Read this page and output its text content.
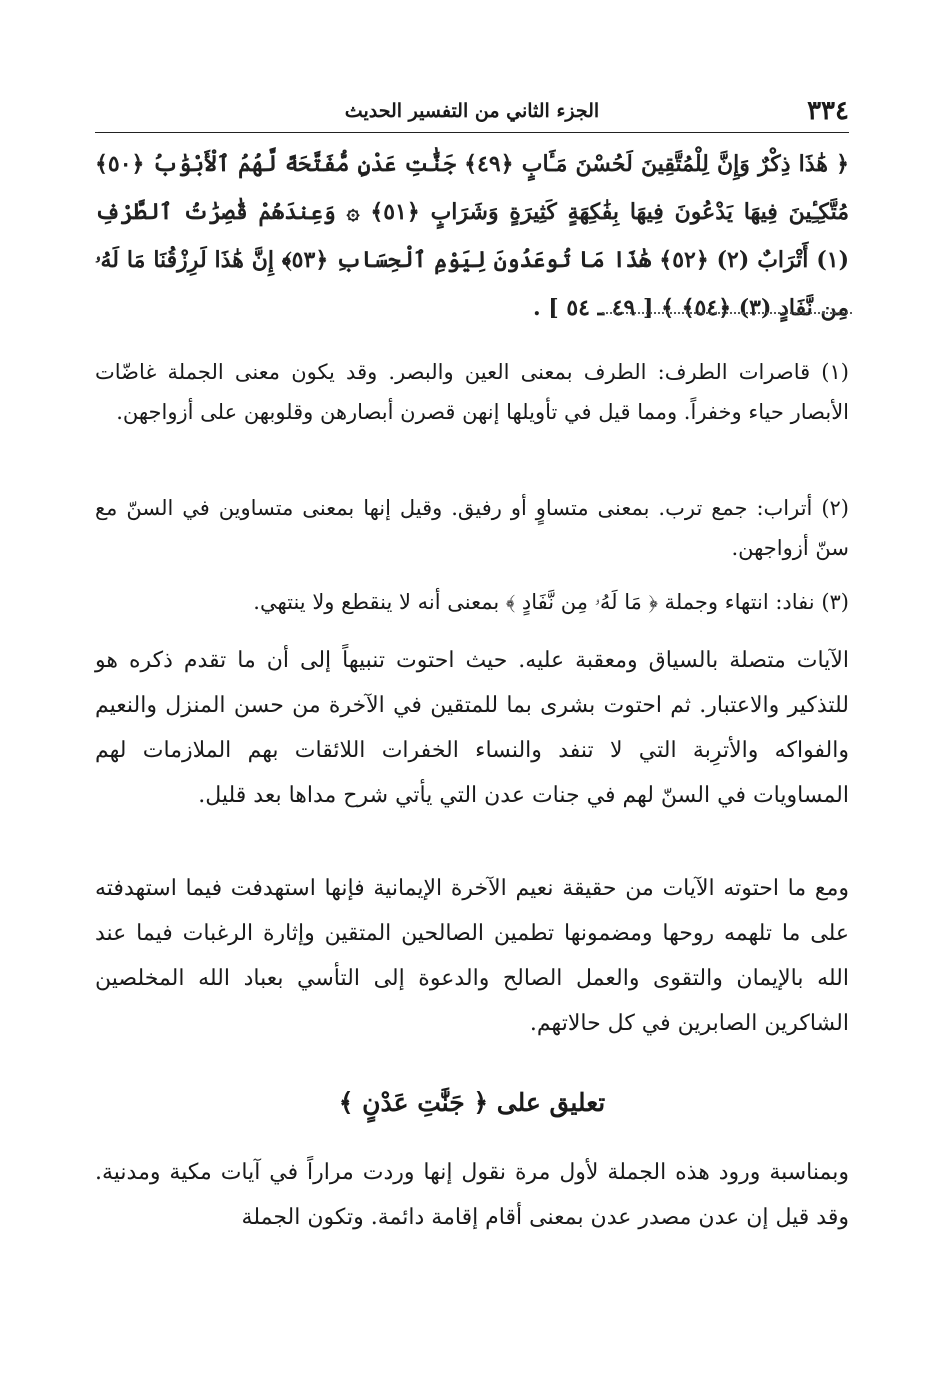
٣٣٤
الجزء الثاني من التفسير الحديث

﴿ هَٰذَا ذِكْرٌ وَإِنَّ لِلْمُتَّقِينَ لَحُسْنَ مَـَٔابٍ ﴿٤٩﴾ جَنَّٰتِ عَدْنٍ مُّفَتَّحَةً لَّهُمُ ٱلْأَبْوَٰبُ ﴿٥٠﴾ مُتَّكِـِٔينَ فِيهَا يَدْعُونَ فِيهَا بِفَٰكِهَةٍ كَثِيرَةٍ وَشَرَابٍ ﴿٥١﴾ ۞ وَعِندَهُمْ قَٰصِرَٰتُ ٱلطَّرْفِ (١) أَتْرَابٌ (٢) ﴿٥٢﴾ هَٰذَا مَا تُوعَدُونَ لِيَوْمِ ٱلْحِسَابِ ﴿٥٣﴾ إِنَّ هَٰذَا لَرِزْقُنَا مَا لَهُۥ مِن نَّفَادٍ (٣) ﴿٥٤﴾ ﴾ [ ٤٩ ـ ٥٤ ] .

(١) قاصرات الطرف: الطرف بمعنى العين والبصر. وقد يكون معنى الجملة غاضّات الأبصار حياء وخفراً. ومما قيل في تأويلها إنهن قصرن أبصارهن وقلوبهن على أزواجهن.

(٢) أتراب: جمع ترب. بمعنى متساوٍ أو رفيق. وقيل إنها بمعنى متساوين في السنّ مع سنّ أزواجهن.

(٣) نفاد: انتهاء وجملة ﴿ مَا لَهُۥ مِن نَّفَادٍ ﴾ بمعنى أنه لا ينقطع ولا ينتهي.

الآيات متصلة بالسياق ومعقبة عليه. حيث احتوت تنبيهاً إلى أن ما تقدم ذكره هو للتذكير والاعتبار. ثم احتوت بشرى بما للمتقين في الآخرة من حسن المنزل والنعيم والفواكه والأترِبة التي لا تنفد والنساء الخفرات اللائقات بهم الملازمات لهم المساويات في السنّ لهم في جنات عدن التي يأتي شرح مداها بعد قليل.

ومع ما احتوته الآيات من حقيقة نعيم الآخرة الإيمانية فإنها استهدفت فيما استهدفته على ما تلهمه روحها ومضمونها تطمين الصالحين المتقين وإثارة الرغبات فيما عند الله بالإيمان والتقوى والعمل الصالح والدعوة إلى التأسي بعباد الله المخلصين الشاكرين الصابرين في كل حالاتهم.

تعليق على ﴿ جَنَّٰتِ عَدْنٍ ﴾

وبمناسبة ورود هذه الجملة لأول مرة نقول إنها وردت مراراً في آيات مكية ومدنية. وقد قيل إن عدن مصدر عدن بمعنى أقام إقامة دائمة. وتكون الجملة
